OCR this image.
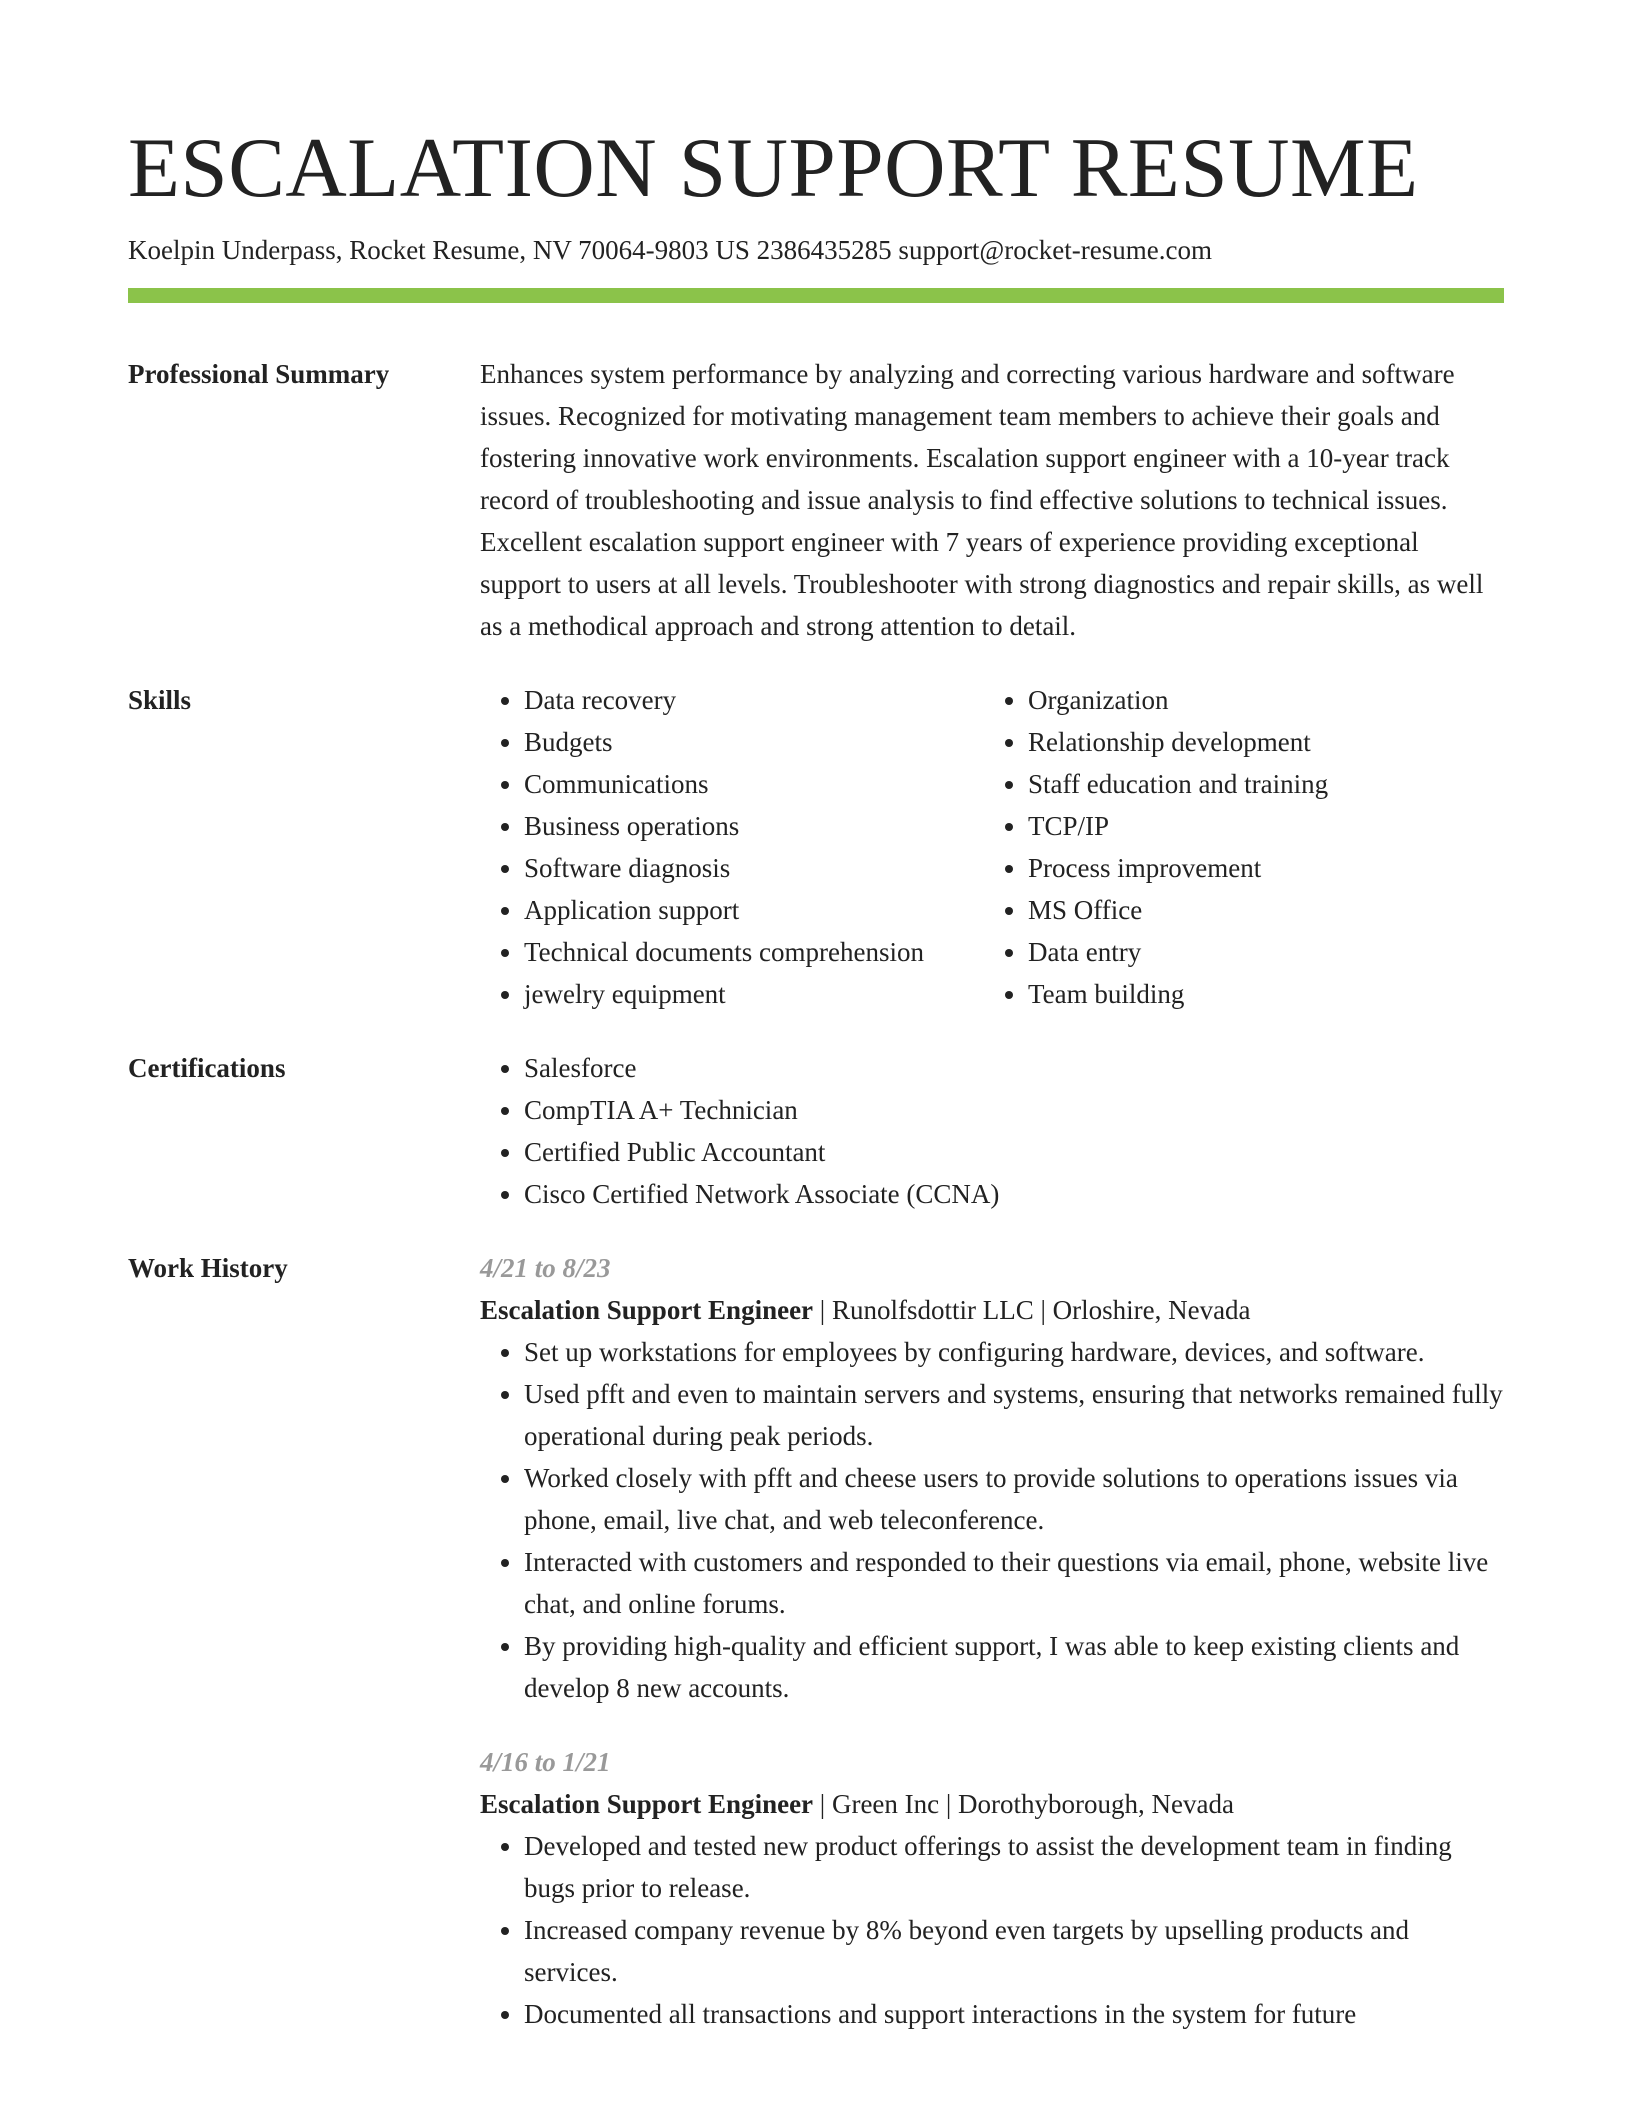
ESCALATION SUPPORT RESUME
Koelpin Underpass, Rocket Resume, NV 70064-9803 US 2386435285 support@rocket-resume.com
Professional Summary	Enhances system performance by analyzing and correcting various hardware and software issues. Recognized for motivating management team members to achieve their goals and fostering innovative work environments. Escalation support engineer with a 10-year track record of troubleshooting and issue analysis to find effective solutions to technical issues. Excellent escalation support engineer with 7 years of experience providing exceptional support to users at all levels. Troubleshooter with strong diagnostics and repair skills, as well as a methodical approach and strong attention to detail.
Skills	• Data recovery
• Budgets
• Communications
• Business operations
• Software diagnosis
• Application support
• Technical documents comprehension
• jewelry equipment
• Organization
• Relationship development
• Staff education and training
• TCP/IP
• Process improvement
• MS Office
• Data entry
• Team building
Certifications	• Salesforce
• CompTIA A+ Technician
• Certified Public Accountant
• Cisco Certified Network Associate (CCNA)
Work History	4/21 to 8/23
Escalation Support Engineer | Runolfsdottir LLC | Orloshire, Nevada
• Set up workstations for employees by configuring hardware, devices, and software.
• Used pfft and even to maintain servers and systems, ensuring that networks remained fully operational during peak periods.
• Worked closely with pfft and cheese users to provide solutions to operations issues via phone, email, live chat, and web teleconference.
• Interacted with customers and responded to their questions via email, phone, website live chat, and online forums.
• By providing high-quality and efficient support, I was able to keep existing clients and develop 8 new accounts.
4/16 to 1/21
Escalation Support Engineer | Green Inc | Dorothyborough, Nevada
• Developed and tested new product offerings to assist the development team in finding bugs prior to release.
• Increased company revenue by 8% beyond even targets by upselling products and services.
• Documented all transactions and support interactions in the system for future
